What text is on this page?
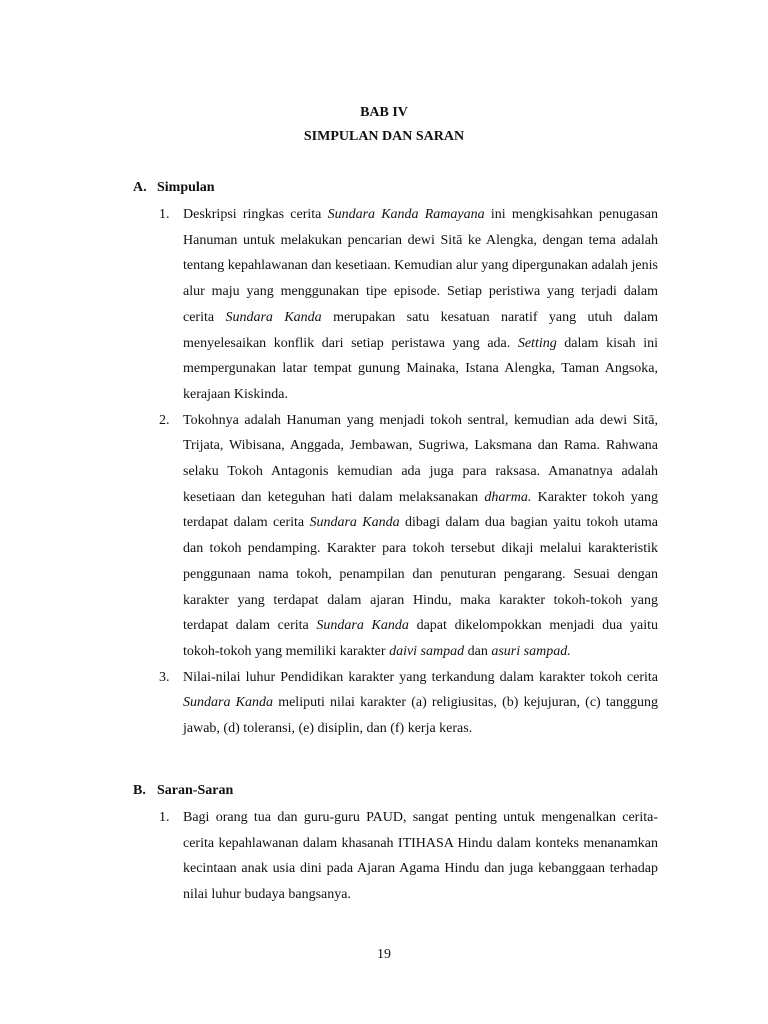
BAB IV
SIMPULAN DAN SARAN
A. Simpulan
1. Deskripsi ringkas cerita Sundara Kanda Ramayana ini mengkisahkan penugasan Hanuman untuk melakukan pencarian dewi Sitā ke Alengka, dengan tema adalah tentang kepahlawanan dan kesetiaan. Kemudian alur yang dipergunakan adalah jenis alur maju yang menggunakan tipe episode. Setiap peristiwa yang terjadi dalam cerita Sundara Kanda merupakan satu kesatuan naratif yang utuh dalam menyelesaikan konflik dari setiap peristawa yang ada. Setting dalam kisah ini mempergunakan latar tempat gunung Mainaka, Istana Alengka, Taman Angsoka, kerajaan Kiskinda.
2. Tokohnya adalah Hanuman yang menjadi tokoh sentral, kemudian ada dewi Sitā, Trijata, Wibisana, Anggada, Jembawan, Sugriwa, Laksmana dan Rama. Rahwana selaku Tokoh Antagonis kemudian ada juga para raksasa. Amanatnya adalah kesetiaan dan keteguhan hati dalam melaksanakan dharma. Karakter tokoh yang terdapat dalam cerita Sundara Kanda dibagi dalam dua bagian yaitu tokoh utama dan tokoh pendamping. Karakter para tokoh tersebut dikaji melalui karakteristik penggunaan nama tokoh, penampilan dan penuturan pengarang. Sesuai dengan karakter yang terdapat dalam ajaran Hindu, maka karakter tokoh-tokoh yang terdapat dalam cerita Sundara Kanda dapat dikelompokkan menjadi dua yaitu tokoh-tokoh yang memiliki karakter daivi sampad dan asuri sampad.
3. Nilai-nilai luhur Pendidikan karakter yang terkandung dalam karakter tokoh cerita Sundara Kanda meliputi nilai karakter (a) religiusitas, (b) kejujuran, (c) tanggung jawab, (d) toleransi, (e) disiplin, dan (f) kerja keras.
B. Saran-Saran
1. Bagi orang tua dan guru-guru PAUD, sangat penting untuk mengenalkan cerita-cerita kepahlawanan dalam khasanah ITIHASA Hindu dalam konteks menanamkan kecintaan anak usia dini pada Ajaran Agama Hindu dan juga kebanggaan terhadap nilai luhur budaya bangsanya.
19
